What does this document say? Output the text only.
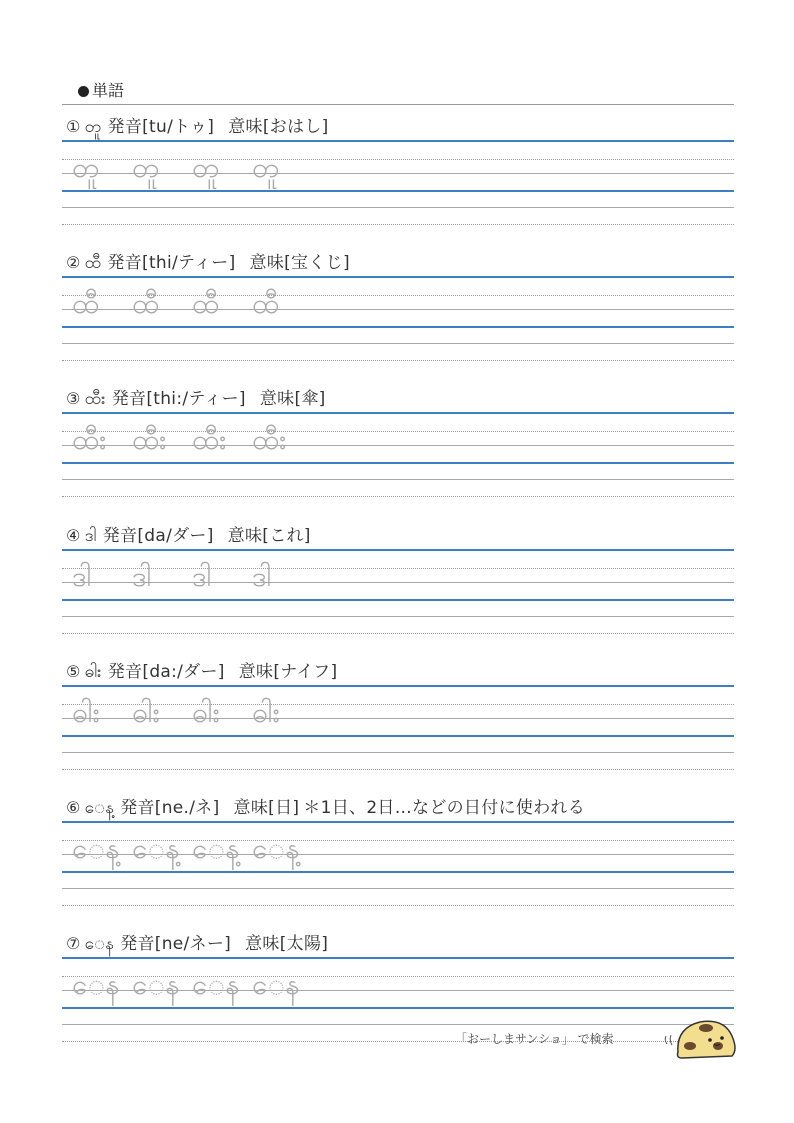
単語
① တူ 発音[tu/トゥ] 意味[おはし]
တူ တူ တူ တူ
② ထီ 発音[thi/ティー] 意味[宝くじ]
ထီ ထီ ထီ ထီ
③ ထီး 発音[thi:/ティー] 意味[傘]
ထီး ထီး ထီး ထီး
④ ဒါ 発音[da/ダー] 意味[これ]
ဒါ ဒါ ဒါ ဒါ
⑤ ဓါး 発音[da:/ダー] 意味[ナイフ]
ဓါး ဓါး ဓါး ဓါး
⑥ ေန့ 発音[ne./ネ] 意味[日] ＊1日、2日…などの日付に使われる
ေန့ ေန့ ေန့ ေန့
⑦ ေန 発音[ne/ネー] 意味[太陽]
ေန ေန ေန ေန
「おーしまサンショ」 で検索
